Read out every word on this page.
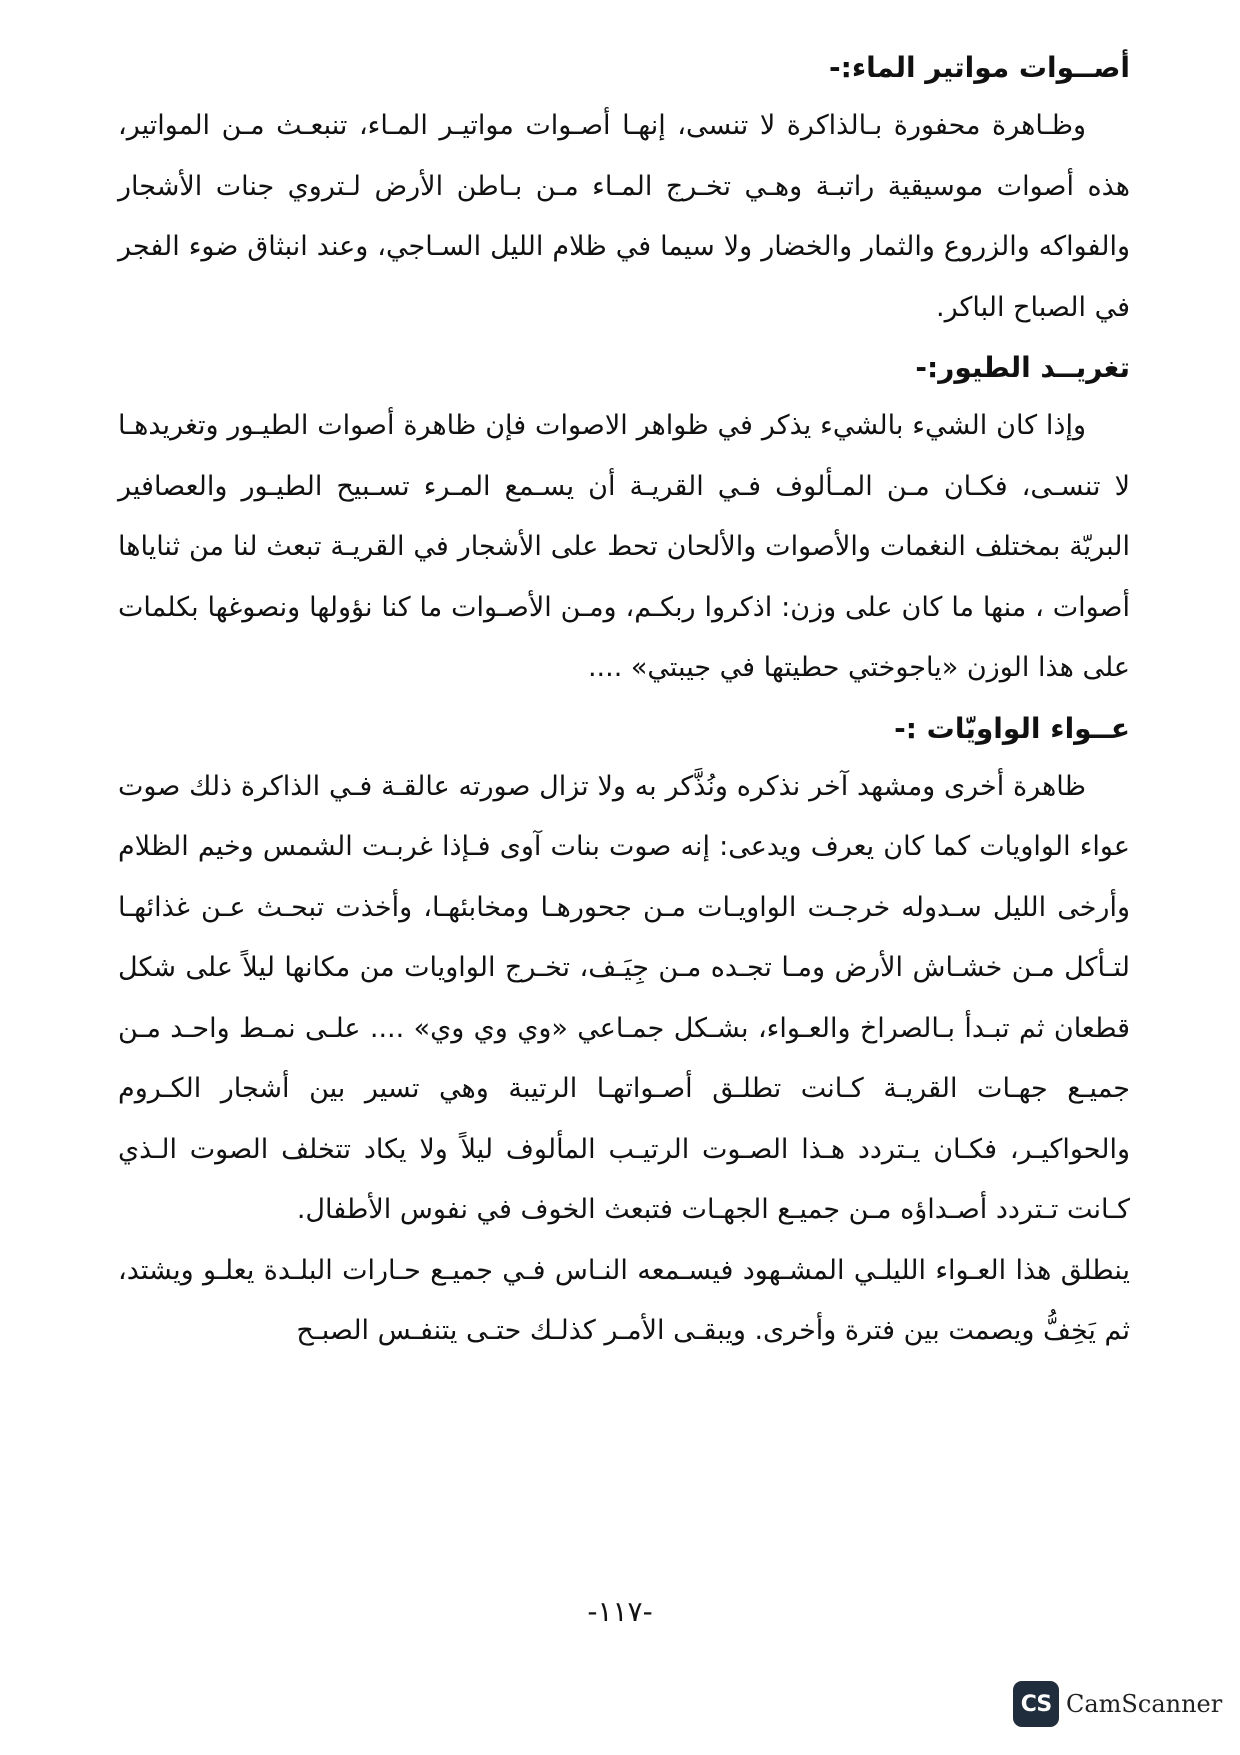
أصــوات مواتير الماء:-

وظـاهرة محفورة بـالذاكرة لا تنسى، إنهـا أصـوات مواتيـر المـاء، تنبعـث مـن المواتير، هذه أصوات موسيقية راتبـة وهـي تخـرج المـاء مـن بـاطن الأرض لـتروي جنات الأشجار والفواكه والزروع والثمار والخضار ولا سيما في ظلام الليل السـاجي، وعند انبثاق ضوء الفجر في الصباح الباكر.

تغريــد الطيور:-

وإذا كان الشيء بالشيء يذكر في ظواهر الاصوات فإن ظاهرة أصوات الطيـور وتغريدهـا لا تنسـى، فكـان مـن المـألوف فـي القريـة أن يسـمع المـرء تسـبيح الطيـور والعصافير البريّة بمختلف النغمات والأصوات والألحان تحط على الأشجار في القريـة تبعث لنا من ثناياها أصوات ، منها ما كان على وزن: اذكروا ربكـم، ومـن الأصـوات ما كنا نؤولها ونصوغها بكلمات على هذا الوزن «ياجوختي حطيتها في جيبتي» ....

عــواء الواويّات :-

ظاهرة أخرى ومشهد آخر نذكره ونُذَّكر به ولا تزال صورته عالقـة فـي الذاكرة ذلك صوت عواء الواويات كما كان يعرف ويدعى: إنه صوت بنات آوى فـإذا غربـت الشمس وخيم الظلام وأرخى الليل سـدوله خرجـت الواويـات مـن جحورهـا ومخابئهـا، وأخذت تبحـث عـن غذائهـا لتـأكل مـن خشـاش الأرض ومـا تجـده مـن جِيَـف، تخـرج الواويات من مكانها ليلاً على شكل قطعان ثم تبـدأ بـالصراخ والعـواء، بشـكل جمـاعي «وي وي وي» .... علـى نمـط واحـد مـن جميـع جهـات القريـة كـانت تطلـق أصـواتهـا الرتيبة وهي تسير بين أشجار الكـروم والحواكيـر، فكـان يـتردد هـذا الصـوت الرتيـب المألوف ليلاً ولا يكاد تتخلف الصوت الـذي كـانت تـتردد أصـداؤه مـن جميـع الجهـات فتبعث الخوف في نفوس الأطفال.

ينطلق هذا العـواء الليلـي المشـهود فيسـمعه النـاس فـي جميـع حـارات البلـدة يعلـو ويشتد، ثم يَخِفُّ ويصمت بين فترة وأخرى. ويبقـى الأمـر كذلـك حتـى يتنفـس الصبـح

-١١٧-

CS CamScanner
